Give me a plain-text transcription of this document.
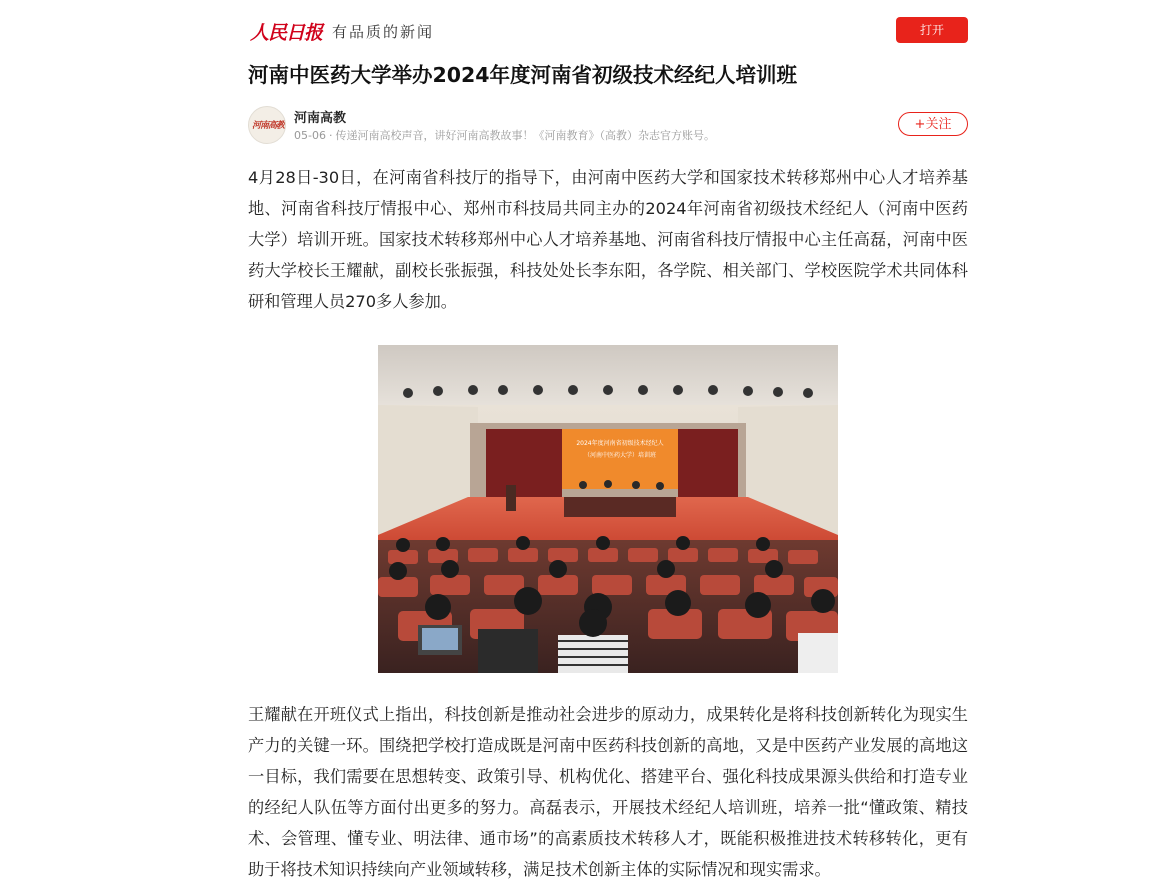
人民日报 有品质的新闻	打开
河南中医药大学举办2024年度河南省初级技术经纪人培训班
河南高教 河南高教
05-06 · 传递河南高校声音，讲好河南高教故事！《河南教育》（高教）杂志官方账号。
+关注

4月28日-30日，在河南省科技厅的指导下，由河南中医药大学和国家技术转移郑州中心人才培养基地、河南省科技厅情报中心、郑州市科技局共同主办的2024年河南省初级技术经纪人（河南中医药大学）培训开班。国家技术转移郑州中心人才培养基地、河南省科技厅情报中心主任高磊，河南中医药大学校长王耀献，副校长张振强，科技处处长李东阳，各学院、相关部门、学校医院学术共同体科研和管理人员270多人参加。

2024年度河南省初级技术经纪人
（河南中医药大学）培训班

王耀献在开班仪式上指出，科技创新是推动社会进步的原动力，成果转化是将科技创新转化为现实生产力的关键一环。围绕把学校打造成既是河南中医药科技创新的高地，又是中医药产业发展的高地这一目标，我们需要在思想转变、政策引导、机构优化、搭建平台、强化科技成果源头供给和打造专业的经纪人队伍等方面付出更多的努力。高磊表示，开展技术经纪人培训班，培养一批“懂政策、精技术、会管理、懂专业、明法律、通市场”的高素质技术转移人才，既能积极推进技术转移转化，更有助于将技术知识持续向产业领域转移，满足技术创新主体的实际情况和现实需求。
